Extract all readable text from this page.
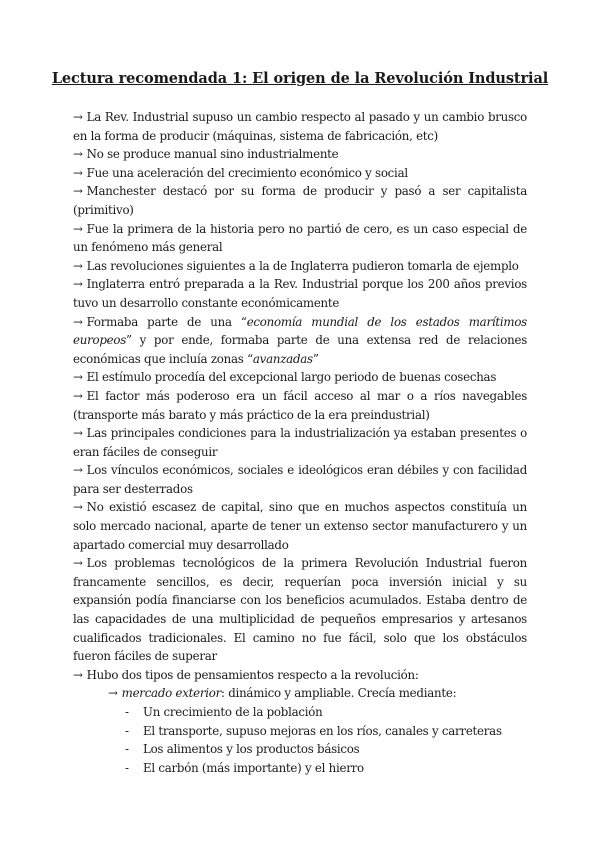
Lectura recomendada 1: El origen de la Revolución Industrial

→ La Rev. Industrial supuso un cambio respecto al pasado y un cambio brusco en la forma de producir (máquinas, sistema de fabricación, etc)

→ No se produce manual sino industrialmente

→ Fue una aceleración del crecimiento económico y social

→ Manchester destacó por su forma de producir y pasó a ser capitalista (primitivo)

→ Fue la primera de la historia pero no partió de cero, es un caso especial de un fenómeno más general

→ Las revoluciones siguientes a la de Inglaterra pudieron tomarla de ejemplo

→ Inglaterra entró preparada a la Rev. Industrial porque los 200 años previos tuvo un desarrollo constante económicamente

→ Formaba parte de una “economía mundial de los estados marítimos europeos” y por ende, formaba parte de una extensa red de relaciones económicas que incluía zonas “avanzadas”

→ El estímulo procedía del excepcional largo periodo de buenas cosechas

→ El factor más poderoso era un fácil acceso al mar o a ríos navegables (transporte más barato y más práctico de la era preindustrial)

→ Las principales condiciones para la industrialización ya estaban presentes o eran fáciles de conseguir

→ Los vínculos económicos, sociales e ideológicos eran débiles y con facilidad para ser desterrados

→ No existió escasez de capital, sino que en muchos aspectos constituía un solo mercado nacional, aparte de tener un extenso sector manufacturero y un apartado comercial muy desarrollado

→ Los problemas tecnológicos de la primera Revolución Industrial fueron francamente sencillos, es decir, requerían poca inversión inicial y su expansión podía financiarse con los beneficios acumulados. Estaba dentro de las capacidades de una multiplicidad de pequeños empresarios y artesanos cualificados tradicionales. El camino no fue fácil, solo que los obstáculos fueron fáciles de superar

→ Hubo dos tipos de pensamientos respecto a la revolución:

→ mercado exterior: dinámico y ampliable. Crecía mediante:

- Un crecimiento de la población
- El transporte, supuso mejoras en los ríos, canales y carreteras
- Los alimentos y los productos básicos
- El carbón (más importante) y el hierro
